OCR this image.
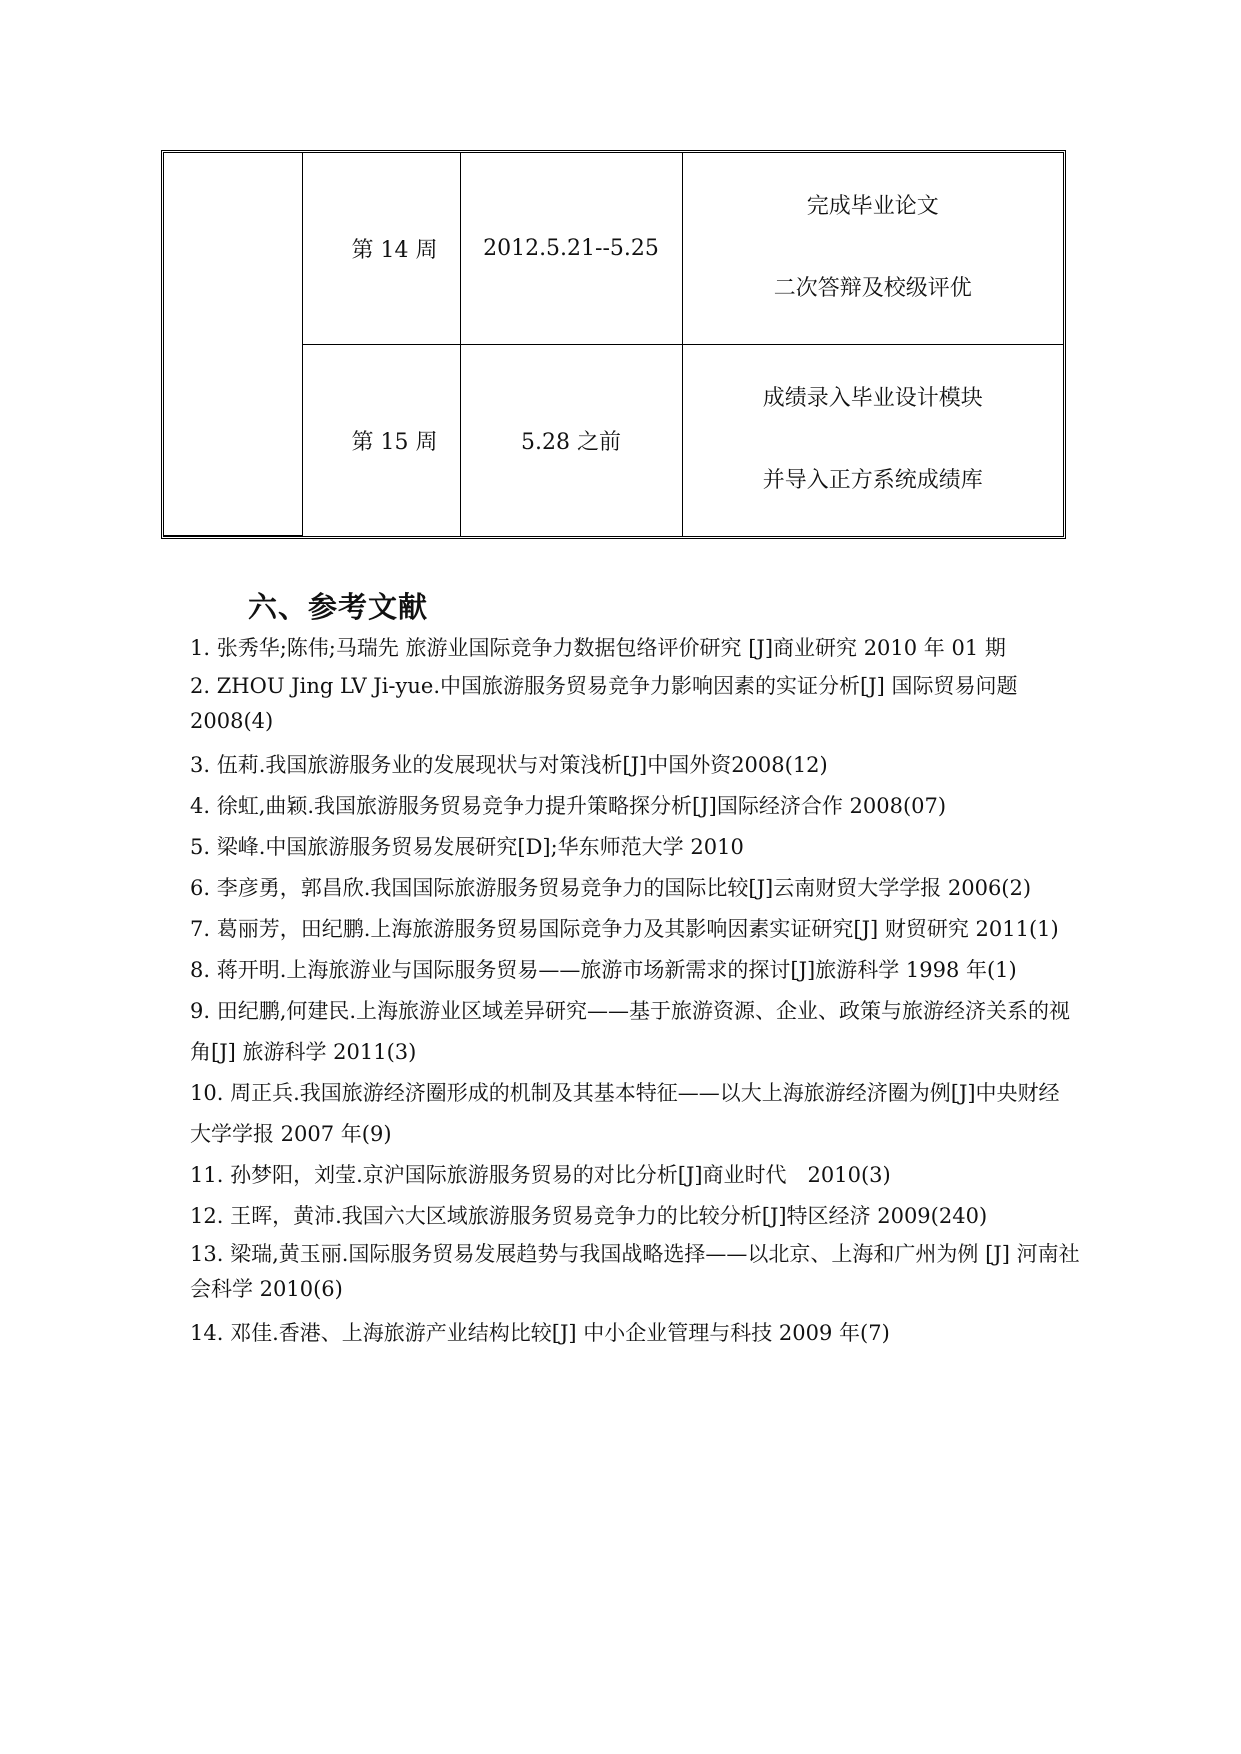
	第 14 周	2012.5.21--5.25	完成毕业论文
二次答辩及校级评优

	第 15 周	5.28 之前	成绩录入毕业设计模块
并导入正方系统成绩库
六、参考文献
1. 张秀华;陈伟;马瑞先 旅游业国际竞争力数据包络评价研究 [J]商业研究 2010 年 01 期
2. ZHOU Jing LV Ji-yue.中国旅游服务贸易竞争力影响因素的实证分析[J] 国际贸易问题 2008(4)
3. 伍莉.我国旅游服务业的发展现状与对策浅析[J]中国外资2008(12)
4. 徐虹,曲颖.我国旅游服务贸易竞争力提升策略探分析[J]国际经济合作 2008(07)
5. 梁峰.中国旅游服务贸易发展研究[D];华东师范大学 2010
6. 李彦勇，郭昌欣.我国国际旅游服务贸易竞争力的国际比较[J]云南财贸大学学报 2006(2)
7. 葛丽芳，田纪鹏.上海旅游服务贸易国际竞争力及其影响因素实证研究[J] 财贸研究 2011(1)
8. 蒋开明.上海旅游业与国际服务贸易——旅游市场新需求的探讨[J]旅游科学 1998 年(1)
9. 田纪鹏,何建民.上海旅游业区域差异研究——基于旅游资源、企业、政策与旅游经济关系的视角[J] 旅游科学 2011(3)
10. 周正兵.我国旅游经济圈形成的机制及其基本特征——以大上海旅游经济圈为例[J]中央财经大学学报 2007 年(9)
11. 孙梦阳，刘莹.京沪国际旅游服务贸易的对比分析[J]商业时代　2010(3)
12. 王晖，黄沛.我国六大区域旅游服务贸易竞争力的比较分析[J]特区经济 2009(240)
13. 梁瑞,黄玉丽.国际服务贸易发展趋势与我国战略选择——以北京、上海和广州为例 [J] 河南社会科学 2010(6)
14. 邓佳.香港、上海旅游产业结构比较[J] 中小企业管理与科技 2009 年(7)
